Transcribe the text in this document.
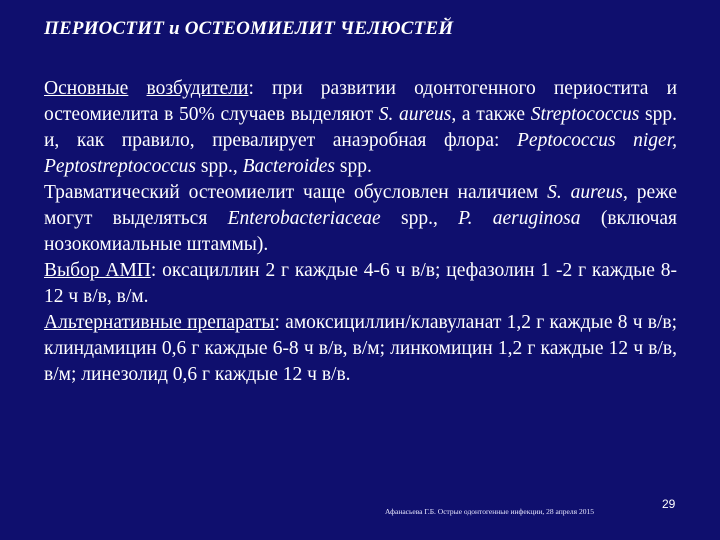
ПЕРИОСТИТ и ОСТЕОМИЕЛИТ ЧЕЛЮСТЕЙ

Основные возбудители: при развитии одонтогенного периостита и остеомиелита в 50% случаев выделяют S. aureus, а также Streptococcus spp. и, как правило, превалирует анаэробная флора: Peptococcus niger, Peptostreptococcus spp., Bacteroides spp.

Травматический остеомиелит чаще обусловлен наличием S. aureus, реже могут выделяться Enterobacteriaceae spp., P. aeruginosa (включая нозокомиальные штаммы).

Выбор АМП: оксациллин 2 г каждые 4-6 ч в/в; цефазолин 1 -2 г каждые 8-12 ч в/в, в/м.

Альтернативные препараты: амоксициллин/клавуланат 1,2 г каждые 8 ч в/в; клиндамицин 0,6 г каждые 6-8 ч в/в, в/м; линкомицин 1,2 г каждые 12 ч в/в, в/м; линезолид 0,6 г каждые 12 ч в/в.

Афанасьева Г.Б. Острые одонтогенные инфекции, 28 апреля 2015
29
